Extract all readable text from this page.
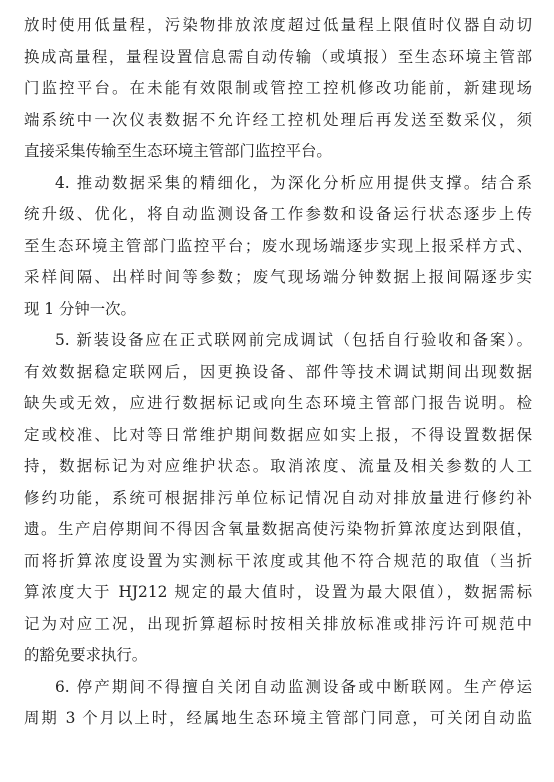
放时使用低量程，污染物排放浓度超过低量程上限值时仪器自动切
换成高量程，量程设置信息需自动传输（或填报）至生态环境主管部
门监控平台。在未能有效限制或管控工控机修改功能前，新建现场
端系统中一次仪表数据不允许经工控机处理后再发送至数采仪，须
直接采集传输至生态环境主管部门监控平台。
4. 推动数据采集的精细化，为深化分析应用提供支撑。结合系
统升级、优化，将自动监测设备工作参数和设备运行状态逐步上传
至生态环境主管部门监控平台；废水现场端逐步实现上报采样方式、
采样间隔、出样时间等参数；废气现场端分钟数据上报间隔逐步实
现 1 分钟一次。
5. 新装设备应在正式联网前完成调试（包括自行验收和备案）。
有效数据稳定联网后，因更换设备、部件等技术调试期间出现数据
缺失或无效，应进行数据标记或向生态环境主管部门报告说明。检
定或校准、比对等日常维护期间数据应如实上报，不得设置数据保
持，数据标记为对应维护状态。取消浓度、流量及相关参数的人工
修约功能，系统可根据排污单位标记情况自动对排放量进行修约补
遗。生产启停期间不得因含氧量数据高使污染物折算浓度达到限值，
而将折算浓度设置为实测标干浓度或其他不符合规范的取值（当折
算浓度大于 HJ212 规定的最大值时，设置为最大限值），数据需标
记为对应工况，出现折算超标时按相关排放标准或排污许可规范中
的豁免要求执行。
6. 停产期间不得擅自关闭自动监测设备或中断联网。生产停运
周期 3 个月以上时，经属地生态环境主管部门同意，可关闭自动监
